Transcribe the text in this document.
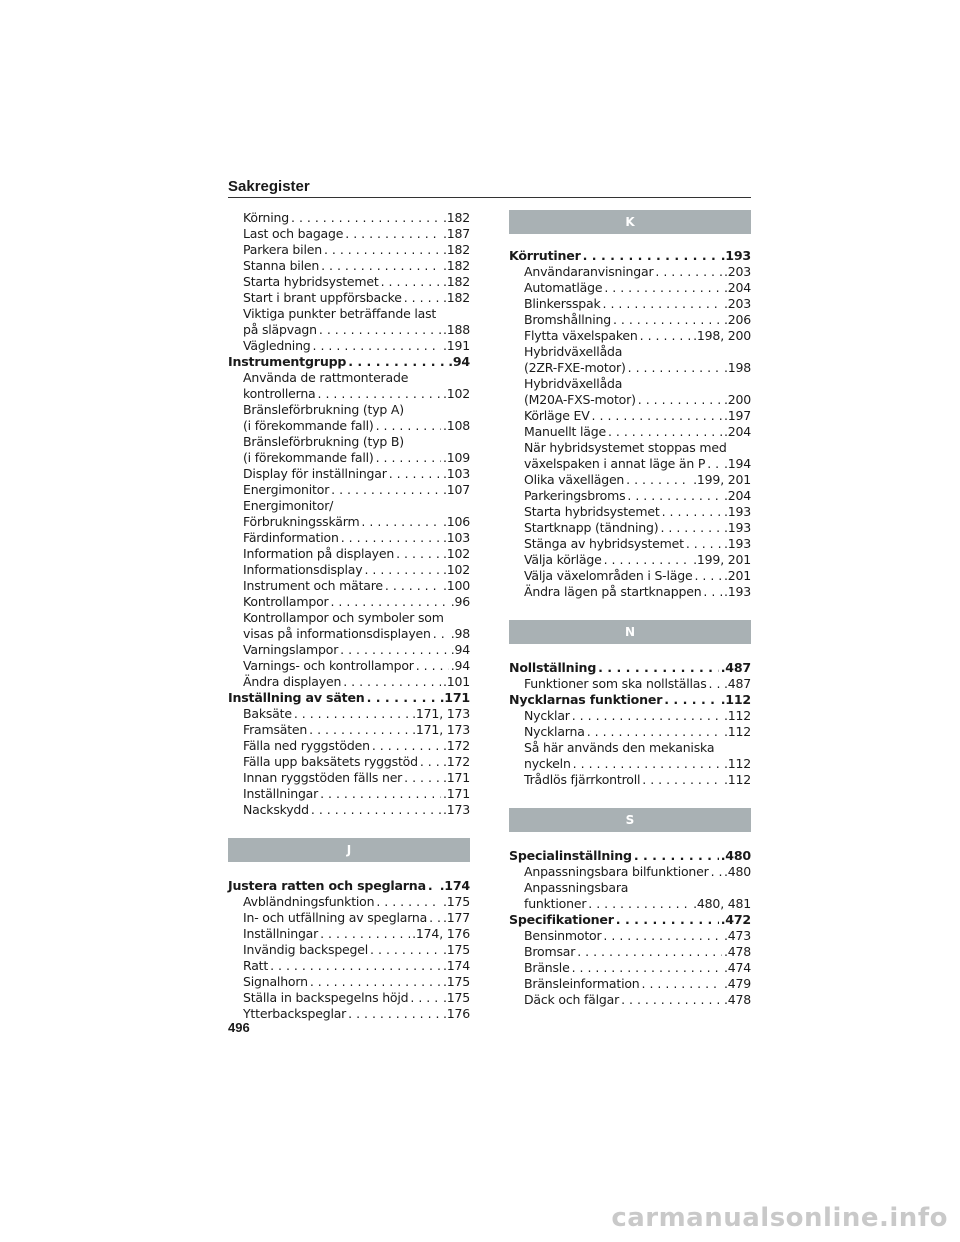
Sakregister
Körning . . .	.182
Last och bagage . . .	.187
Parkera bilen . . .	.182
Stanna bilen . . .	.182
Starta hybridsystemet . . .	.182
Start i brant uppförsbacke . . .	.182
Viktiga punkter beträffande last
på släpvagn . . .	.188
Vägledning . . .	.191
Instrumentgrupp . . .	.94
Använda de rattmonterade
kontrollerna . . .	.102
Bränsleförbrukning (typ A)
(i förekommande fall) . . .	.108
Bränsleförbrukning (typ B)
(i förekommande fall) . . .	.109
Display för inställningar . . .	.103
Energimonitor . . .	.107
Energimonitor/
Förbrukningsskärm . . .	.106
Färdinformation . . .	.103
Information på displayen . . .	.102
Informationsdisplay . . .	.102
Instrument och mätare . . .	.100
Kontrollampor . . .	.96
Kontrollampor och symboler som
visas på informationsdisplayen . . . .98
Varningslampor . . .	.94
Varnings- och kontrollampor . . .	.94
Ändra displayen . . .	.101
Inställning av säten . . .	.171
Baksäte . . .	.171, 173
Framsäten . . .	.171, 173
Fälla ned ryggstöden . . .	.172
Fälla upp baksätets ryggstöd . . . .172
Innan ryggstöden fälls ner . . .	.171
Inställningar . . .	.171
Nackskydd . . .	.173
J
Justera ratten och speglarna . . . .174
Avbländningsfunktion . . .	.175
In- och utfällning av speglarna . . . .177
Inställningar . . .	.174, 176
Invändig backspegel . . .	.175
Ratt . . .	.174
Signalhorn . . .	.175
Ställa in backspegelns höjd . . .	.175
Ytterbackspeglar . . .	.176
K
Körrutiner . . .	.193
Användaranvisningar . . .	.203
Automatläge . . .	.204
Blinkersspak . . .	.203
Bromshållning . . .	.206
Flytta växelspaken . . .	.198, 200
Hybridväxellåda
(2ZR-FXE-motor) . . .	.198
Hybridväxellåda
(M20A-FXS-motor) . . .	.200
Körläge EV . . .	.197
Manuellt läge . . .	.204
När hybridsystemet stoppas med
växelspaken i annat läge än P . . . .194
Olika växellägen . . .	.199, 201
Parkeringsbroms . . .	.204
Starta hybridsystemet . . .	.193
Startknapp (tändning) . . .	.193
Stänga av hybridsystemet . . .	.193
Välja körläge . . .	.199, 201
Välja växelområden i S-läge . . .	.201
Ändra lägen på startknappen . . . .193
N
Nollställning . . .	.487
Funktioner som ska nollställas . . . .487
Nycklarnas funktioner . . .	.112
Nycklar . . .	.112
Nycklarna . . .	.112
Så här används den mekaniska
nyckeln . . .	.112
Trådlös fjärrkontroll . . .	.112
S
Specialinställning . . .	.480
Anpassningsbara bilfunktioner . . . .480
Anpassningsbara
funktioner . . .	.480, 481
Specifikationer . . .	.472
Bensinmotor . . .	.473
Bromsar . . .	.478
Bränsle . . .	.474
Bränsleinformation . . .	.479
Däck och fälgar . . .	.478
496
carmanualsonline.info
